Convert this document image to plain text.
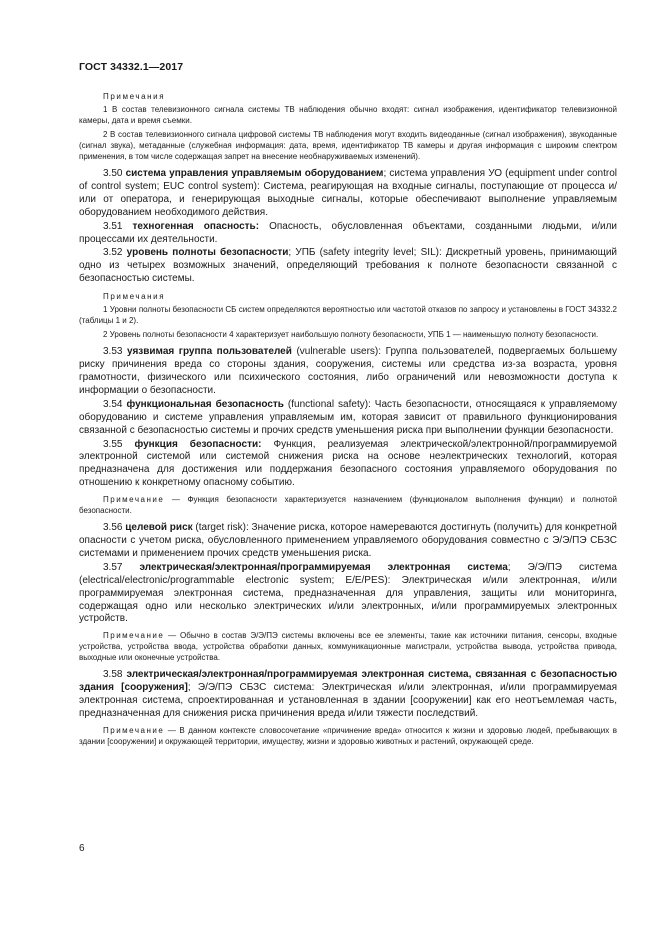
ГОСТ 34332.1—2017

Примечания

1 В состав телевизионного сигнала системы ТВ наблюдения обычно входят: сигнал изображения, идентификатор телевизионной камеры, дата и время съемки.

2 В состав телевизионного сигнала цифровой системы ТВ наблюдения могут входить видеоданные (сигнал изображения), звукоданные (сигнал звука), метаданные (служебная информация: дата, время, идентификатор ТВ камеры и другая информация с широким спектром применения, в том числе содержащая запрет на внесение необнаруживаемых изменений).

3.50 система управления управляемым оборудованием; система управления УО (equipment under control of control system; EUC control system): Система, реагирующая на входные сигналы, поступающие от процесса и/или от оператора, и генерирующая выходные сигналы, которые обеспечивают выполнение управляемым оборудованием необходимого действия.

3.51 техногенная опасность: Опасность, обусловленная объектами, созданными людьми, и/или процессами их деятельности.

3.52 уровень полноты безопасности; УПБ (safety integrity level; SIL): Дискретный уровень, принимающий одно из четырех возможных значений, определяющий требования к полноте безопасности связанной с безопасностью системы.

Примечания

1 Уровни полноты безопасности СБ систем определяются вероятностью или частотой отказов по запросу и установлены в ГОСТ 34332.2 (таблицы 1 и 2).

2 Уровень полноты безопасности 4 характеризует наибольшую полноту безопасности, УПБ 1 — наименьшую полноту безопасности.

3.53 уязвимая группа пользователей (vulnerable users): Группа пользователей, подвергаемых большему риску причинения вреда со стороны здания, сооружения, системы или средства из-за возраста, уровня грамотности, физического или психического состояния, либо ограничений или невозможности доступа к информации о безопасности.

3.54 функциональная безопасность (functional safety): Часть безопасности, относящаяся к управляемому оборудованию и системе управления управляемым им, которая зависит от правильного функционирования связанной с безопасностью системы и прочих средств уменьшения риска при выполнении функции безопасности.

3.55 функция безопасности: Функция, реализуемая электрической/электронной/программируемой электронной системой или системой снижения риска на основе неэлектрических технологий, которая предназначена для достижения или поддержания безопасного состояния управляемого оборудования по отношению к конкретному опасному событию.

Примечание — Функция безопасности характеризуется назначением (функционалом выполнения функции) и полнотой безопасности.

3.56 целевой риск (target risk): Значение риска, которое намереваются достигнуть (получить) для конкретной опасности с учетом риска, обусловленного применением управляемого оборудования совместно с Э/Э/ПЭ СБЗС системами и применением прочих средств уменьшения риска.

3.57 электрическая/электронная/программируемая электронная система; Э/Э/ПЭ система (electrical/electronic/programmable electronic system; E/E/PES): Электрическая и/или электронная, и/или программируемая электронная система, предназначенная для управления, защиты или мониторинга, содержащая одно или несколько электрических и/или электронных, и/или программируемых электронных устройств.

Примечание — Обычно в состав Э/Э/ПЭ системы включены все ее элементы, такие как источники питания, сенсоры, входные устройства, устройства ввода, устройства обработки данных, коммуникационные магистрали, устройства вывода, устройства привода, выходные или оконечные устройства.

3.58 электрическая/электронная/программируемая электронная система, связанная с безопасностью здания [сооружения]; Э/Э/ПЭ СБЗС система: Электрическая и/или электронная, и/или программируемая электронная система, спроектированная и установленная в здании [сооружении] как его неотъемлемая часть, предназначенная для снижения риска причинения вреда и/или тяжести последствий.

Примечание — В данном контексте словосочетание «причинение вреда» относится к жизни и здоровью людей, пребывающих в здании [сооружении] и окружающей территории, имуществу, жизни и здоровью животных и растений, окружающей среде.

6
